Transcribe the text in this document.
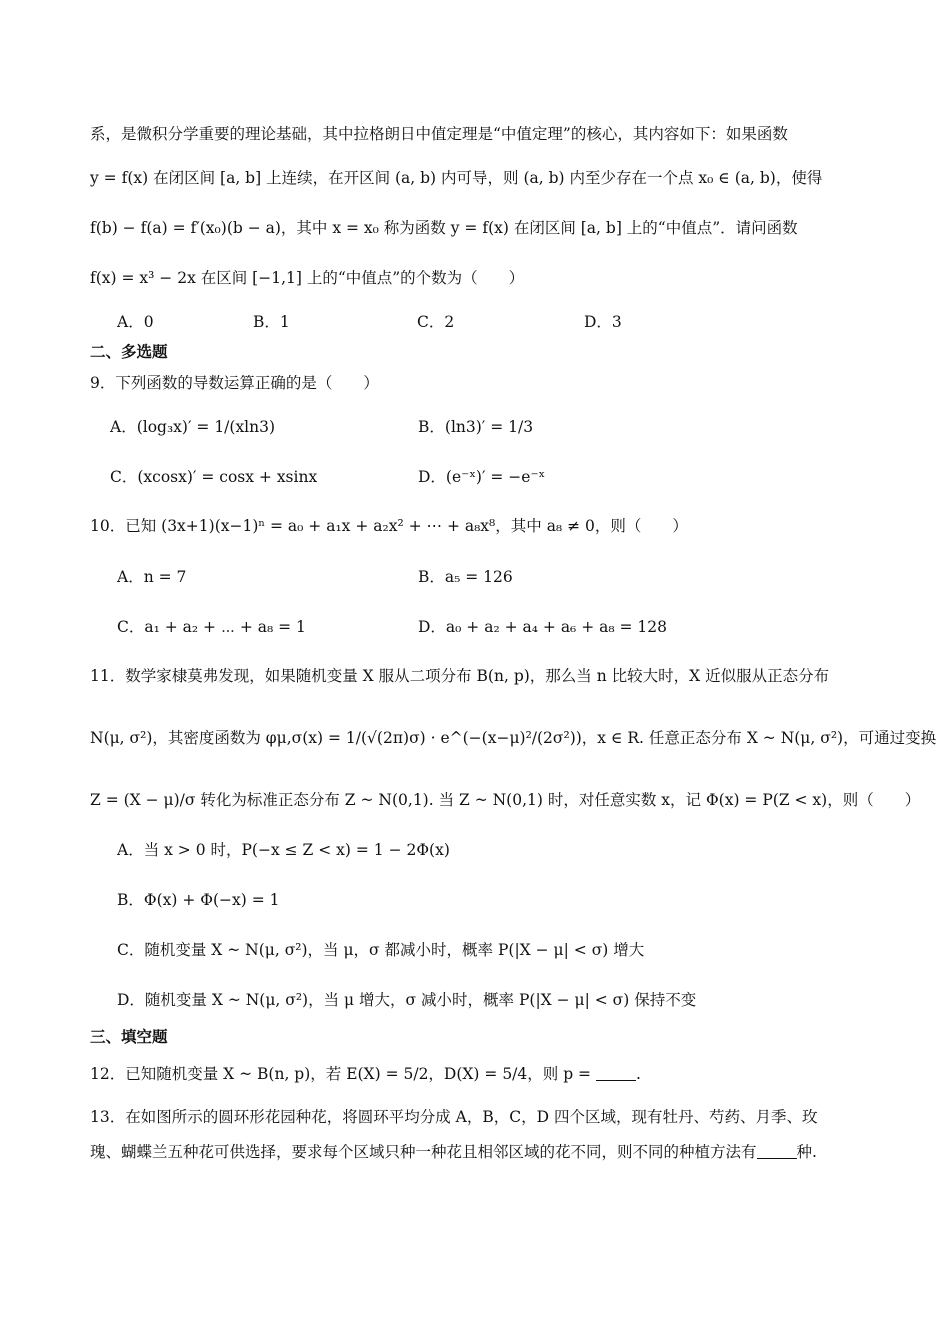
系，是微积分学重要的理论基础，其中拉格朗日中值定理是“中值定理”的核心，其内容如下：如果函数
y = f(x) 在闭区间 [a, b] 上连续，在开区间 (a, b) 内可导，则 (a, b) 内至少存在一个点 x₀ ∈ (a, b)，使得
f(b) − f(a) = f′(x₀)(b − a)，其中 x = x₀ 称为函数 y = f(x) 在闭区间 [a, b] 上的“中值点”．请问函数
f(x) = x³ − 2x 在区间 [−1,1] 上的“中值点”的个数为（　　）
A．0	B．1	C．2	D．3
二、多选题
9．下列函数的导数运算正确的是（　　）
A．(log₃x)′ = 1/(xln3)	B．(ln3)′ = 1/3
C．(xcosx)′ = cosx + xsinx	D．(e⁻ˣ)′ = −e⁻ˣ
10．已知 (3x+1)(x−1)ⁿ = a₀ + a₁x + a₂x² + ⋯ + a₈x⁸，其中 a₈ ≠ 0，则（　　）
A．n = 7	B．a₅ = 126
C．a₁ + a₂ + ⋯ + a₈ = 1	D．a₀ + a₂ + a₄ + a₆ + a₈ = 128
11．数学家棣莫弗发现，如果随机变量 X 服从二项分布 B(n, p)，那么当 n 比较大时，X 近似服从正态分布
N(μ, σ²)，其密度函数为 φμ,σ(x) = 1/(√(2π)σ) · e^(−(x−μ)²/(2σ²))，x ∈ R. 任意正态分布 X ~ N(μ, σ²)，可通过变换
Z = (X − μ)/σ 转化为标准正态分布 Z ~ N(0,1). 当 Z ~ N(0,1) 时，对任意实数 x，记 Φ(x) = P(Z < x)，则（　　）
A．当 x > 0 时，P(−x ≤ Z < x) = 1 − 2Φ(x)
B．Φ(x) + Φ(−x) = 1
C．随机变量 X ~ N(μ, σ²)，当 μ，σ 都减小时，概率 P(|X − μ| < σ) 增大
D．随机变量 X ~ N(μ, σ²)，当 μ 增大，σ 减小时，概率 P(|X − μ| < σ) 保持不变
三、填空题
12．已知随机变量 X ~ B(n, p)，若 E(X) = 5/2，D(X) = 5/4，则 p =	.
13．在如图所示的圆环形花园种花，将圆环平均分成 A，B，C，D 四个区域，现有牡丹、芍药、月季、玫
瑰、蝴蝶兰五种花可供选择，要求每个区域只种一种花且相邻区域的花不同，则不同的种植方法有	种.
